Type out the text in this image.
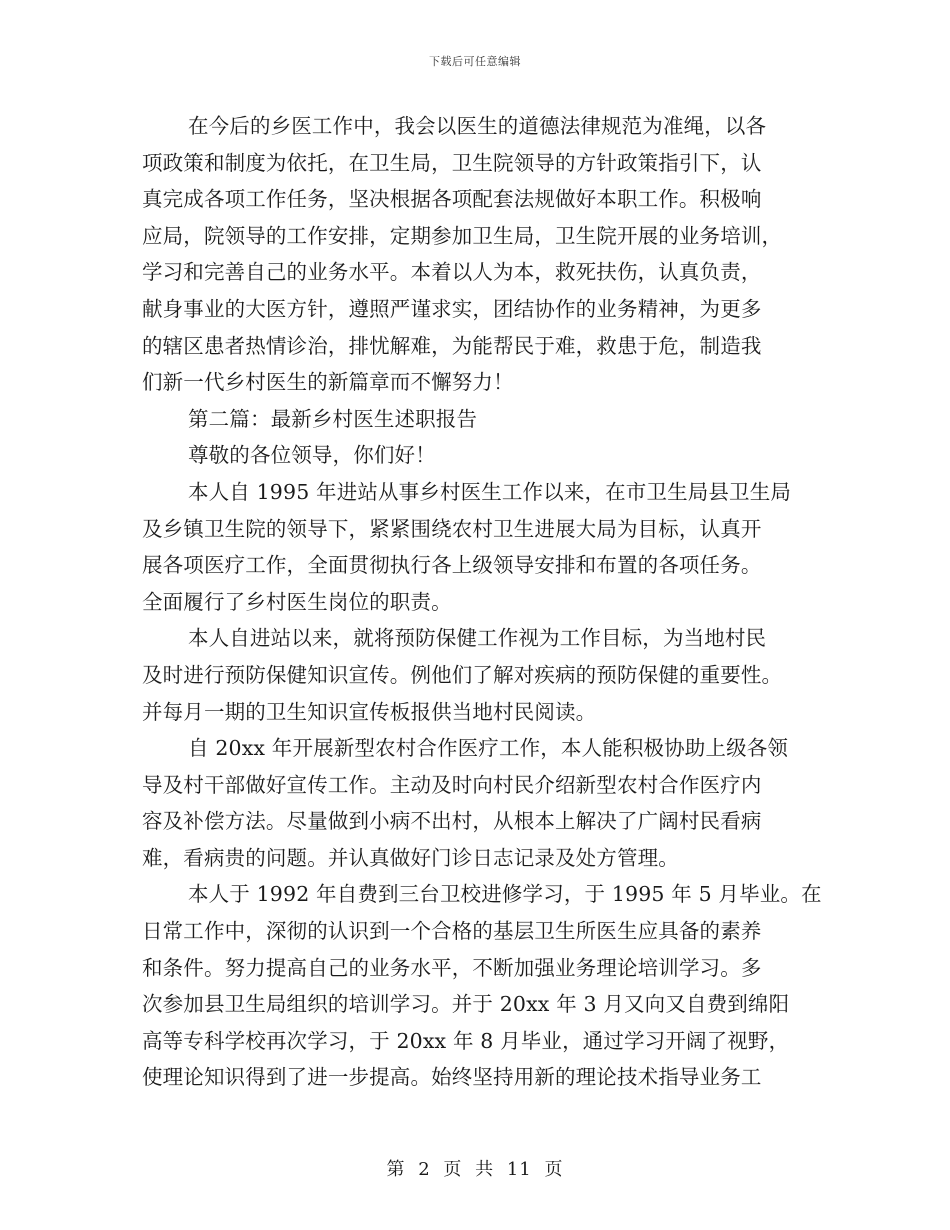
下载后可任意编辑
在今后的乡医工作中，我会以医生的道德法律规范为准绳，以各
项政策和制度为依托，在卫生局，卫生院领导的方针政策指引下，认
真完成各项工作任务，坚决根据各项配套法规做好本职工作。积极响
应局，院领导的工作安排，定期参加卫生局，卫生院开展的业务培训，
学习和完善自己的业务水平。本着以人为本，救死扶伤，认真负责，
献身事业的大医方针，遵照严谨求实，团结协作的业务精神，为更多
的辖区患者热情诊治，排忧解难，为能帮民于难，救患于危，制造我
们新一代乡村医生的新篇章而不懈努力！
第二篇：最新乡村医生述职报告
尊敬的各位领导，你们好！
本人自 1995 年进站从事乡村医生工作以来，在市卫生局县卫生局
及乡镇卫生院的领导下，紧紧围绕农村卫生进展大局为目标，认真开
展各项医疗工作，全面贯彻执行各上级领导安排和布置的各项任务。
全面履行了乡村医生岗位的职责。
本人自进站以来，就将预防保健工作视为工作目标，为当地村民
及时进行预防保健知识宣传。例他们了解对疾病的预防保健的重要性。
并每月一期的卫生知识宣传板报供当地村民阅读。
自 20xx 年开展新型农村合作医疗工作，本人能积极协助上级各领
导及村干部做好宣传工作。主动及时向村民介绍新型农村合作医疗内
容及补偿方法。尽量做到小病不出村，从根本上解决了广阔村民看病
难，看病贵的问题。并认真做好门诊日志记录及处方管理。
本人于 1992 年自费到三台卫校进修学习，于 1995 年 5 月毕业。在
日常工作中，深彻的认识到一个合格的基层卫生所医生应具备的素养
和条件。努力提高自己的业务水平，不断加强业务理论培训学习。多
次参加县卫生局组织的培训学习。并于 20xx 年 3 月又向又自费到绵阳
高等专科学校再次学习，于 20xx 年 8 月毕业，通过学习开阔了视野，
使理论知识得到了进一步提高。始终坚持用新的理论技术指导业务工
第 2 页 共 11 页
